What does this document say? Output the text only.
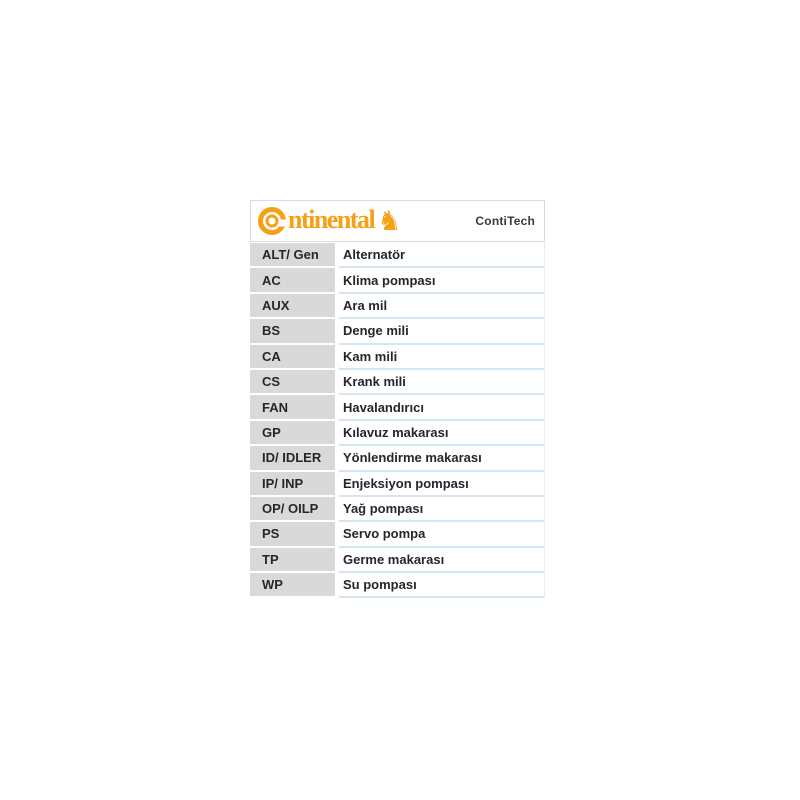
ntinental ♞	ContiTech
ALT/ Gen	Alternatör
AC	Klima pompası
AUX	Ara mil
BS	Denge mili
CA	Kam mili
CS	Krank mili
FAN	Havalandırıcı
GP	Kılavuz makarası
ID/ IDLER	Yönlendirme makarası
IP/ INP	Enjeksiyon pompası
OP/ OILP	Yağ pompası
PS	Servo pompa
TP	Germe makarası
WP	Su pompası
